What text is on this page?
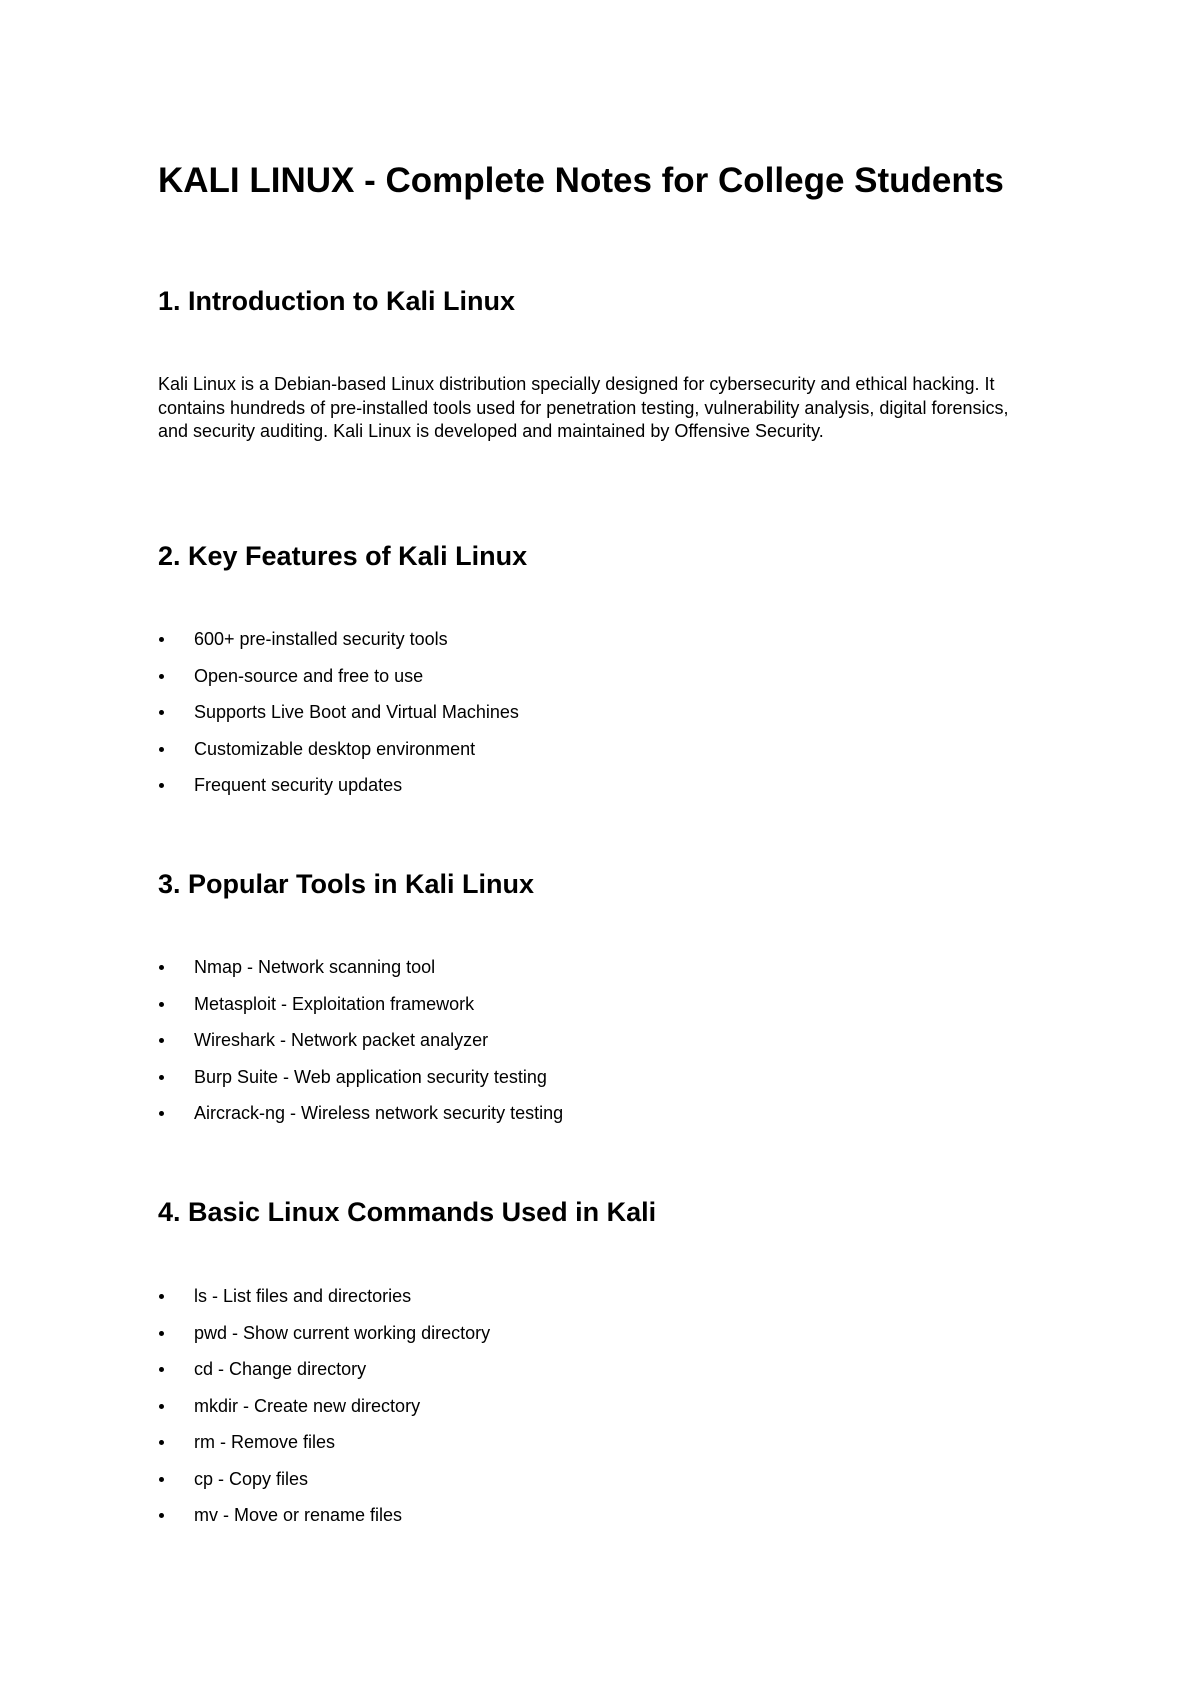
KALI LINUX - Complete Notes for College Students
1. Introduction to Kali Linux

Kali Linux is a Debian-based Linux distribution specially designed for cybersecurity and ethical hacking. It contains hundreds of pre-installed tools used for penetration testing, vulnerability analysis, digital forensics, and security auditing. Kali Linux is developed and maintained by Offensive Security.

2. Key Features of Kali Linux
600+ pre-installed security tools
Open-source and free to use
Supports Live Boot and Virtual Machines
Customizable desktop environment
Frequent security updates
3. Popular Tools in Kali Linux
Nmap - Network scanning tool
Metasploit - Exploitation framework
Wireshark - Network packet analyzer
Burp Suite - Web application security testing
Aircrack-ng - Wireless network security testing
4. Basic Linux Commands Used in Kali
ls - List files and directories
pwd - Show current working directory
cd - Change directory
mkdir - Create new directory
rm - Remove files
cp - Copy files
mv - Move or rename files
